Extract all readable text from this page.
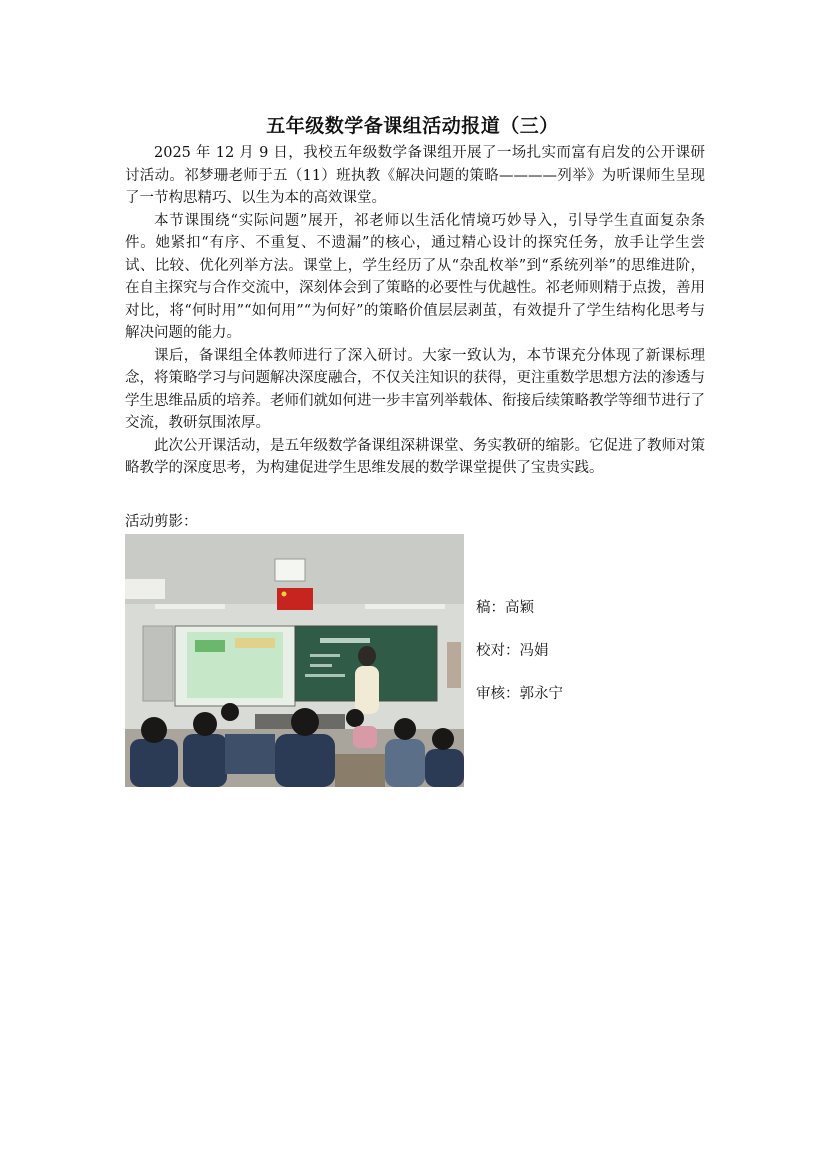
五年级数学备课组活动报道（三）

2025 年 12 月 9 日，我校五年级数学备课组开展了一场扎实而富有启发的公开课研讨活动。祁梦珊老师于五（11）班执教《解决问题的策略————列举》为听课师生呈现了一节构思精巧、以生为本的高效课堂。

本节课围绕“实际问题”展开，祁老师以生活化情境巧妙导入，引导学生直面复杂条件。她紧扣“有序、不重复、不遗漏”的核心，通过精心设计的探究任务，放手让学生尝试、比较、优化列举方法。课堂上，学生经历了从“杂乱枚举”到“系统列举”的思维进阶，在自主探究与合作交流中，深刻体会到了策略的必要性与优越性。祁老师则精于点拨，善用对比，将“何时用”“如何用”“为何好”的策略价值层层剥茧，有效提升了学生结构化思考与解决问题的能力。

课后，备课组全体教师进行了深入研讨。大家一致认为，本节课充分体现了新课标理念，将策略学习与问题解决深度融合，不仅关注知识的获得，更注重数学思想方法的渗透与学生思维品质的培养。老师们就如何进一步丰富列举载体、衔接后续策略教学等细节进行了交流，教研氛围浓厚。

此次公开课活动，是五年级数学备课组深耕课堂、务实教研的缩影。它促进了教师对策略教学的深度思考，为构建促进学生思维发展的数学课堂提供了宝贵实践。

活动剪影：
稿：高颖
校对：冯娟
审核：郭永宁
